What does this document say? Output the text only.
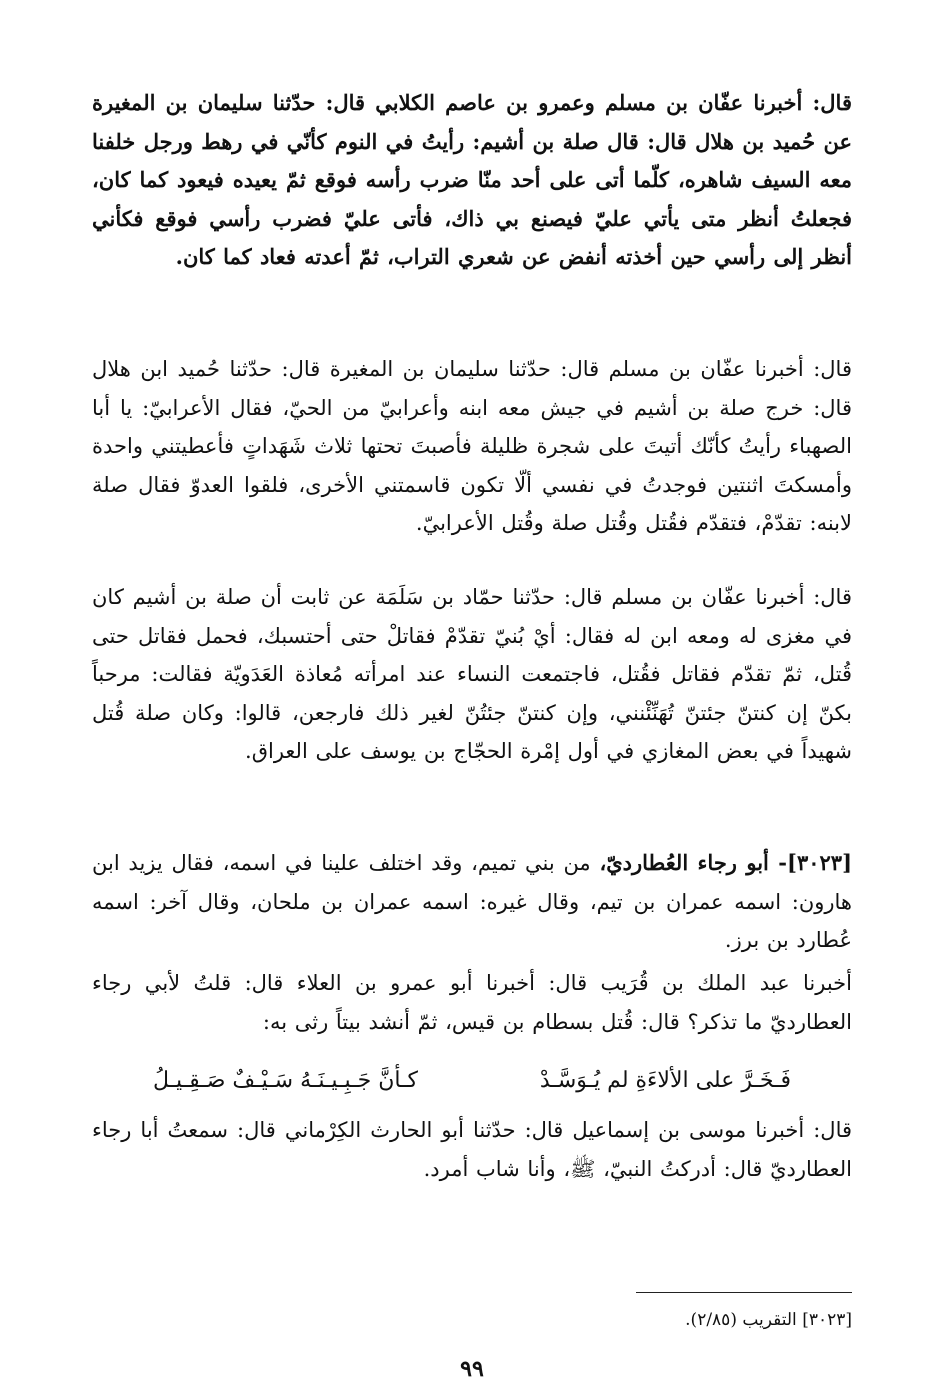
قال: أخبرنا عفّان بن مسلم وعمرو بن عاصم الكلابي قال: حدّثنا سليمان بن المغيرة عن حُميد بن هلال قال: قال صلة بن أشيم: رأيتُ في النوم كأنّي في رهط ورجل خلفنا معه السيف شاهره، كلّما أتى على أحد منّا ضرب رأسه فوقع ثمّ يعيده فيعود كما كان، فجعلتُ أنظر متى يأتي عليّ فيصنع بي ذاك، فأتى عليّ فضرب رأسي فوقع فكأني أنظر إلى رأسي حين أخذته أنفض عن شعري التراب، ثمّ أعدته فعاد كما كان.

قال: أخبرنا عفّان بن مسلم قال: حدّثنا سليمان بن المغيرة قال: حدّثنا حُميد ابن هلال قال: خرج صلة بن أشيم في جيش معه ابنه وأعرابيّ من الحيّ، فقال الأعرابيّ: يا أبا الصهباء رأيتُ كأنّك أتيتَ على شجرة ظليلة فأصبتَ تحتها ثلاث شَهَداتٍ فأعطيتني واحدة وأمسكتَ اثنتين فوجدتُ في نفسي ألّا تكون قاسمتني الأخرى، فلقوا العدوّ فقال صلة لابنه: تقدّمْ، فتقدّم فقُتل وقُتل صلة وقُتل الأعرابيّ.

قال: أخبرنا عفّان بن مسلم قال: حدّثنا حمّاد بن سَلَمَة عن ثابت أن صلة بن أشيم كان في مغزى له ومعه ابن له فقال: أيْ بُنيّ تقدّمْ فقاتلْ حتى أحتسبك، فحمل فقاتل حتى قُتل، ثمّ تقدّم فقاتل فقُتل، فاجتمعت النساء عند امرأته مُعاذة العَدَويّة فقالت: مرحباً بكنّ إن كنتنّ جئتنّ تُهَنِّئْنني، وإن كنتنّ جئتُنّ لغير ذلك فارجعن، قالوا: وكان صلة قُتل شهيداً في بعض المغازي في أول إمْرة الحجّاج بن يوسف على العراق.

[٣٠٢٣]- أبو رجاء العُطارديّ، من بني تميم، وقد اختلف علينا في اسمه، فقال يزيد ابن هارون: اسمه عمران بن تيم، وقال غيره: اسمه عمران بن ملحان، وقال آخر: اسمه عُطارد بن برز.

أخبرنا عبد الملك بن قُرَيب قال: أخبرنا أبو عمرو بن العلاء قال: قلتُ لأبي رجاء العطارديّ ما تذكر؟ قال: قُتل بسطام بن قيس، ثمّ أنشد بيتاً رثى به:

فَـخَـرَّ على الألاءَةِ لم يُـوَسَّـدْ
كـأنَّ جَـبِـيـنَـهُ سَـيْـفٌ صَـقِـيـلُ

قال: أخبرنا موسى بن إسماعيل قال: حدّثنا أبو الحارث الكِرْماني قال: سمعتُ أبا رجاء العطارديّ قال: أدركتُ النبيّ، ﷺ، وأنا شاب أمرد.

[٣٠٢٣] التقريب (٢/٨٥).

٩٩
